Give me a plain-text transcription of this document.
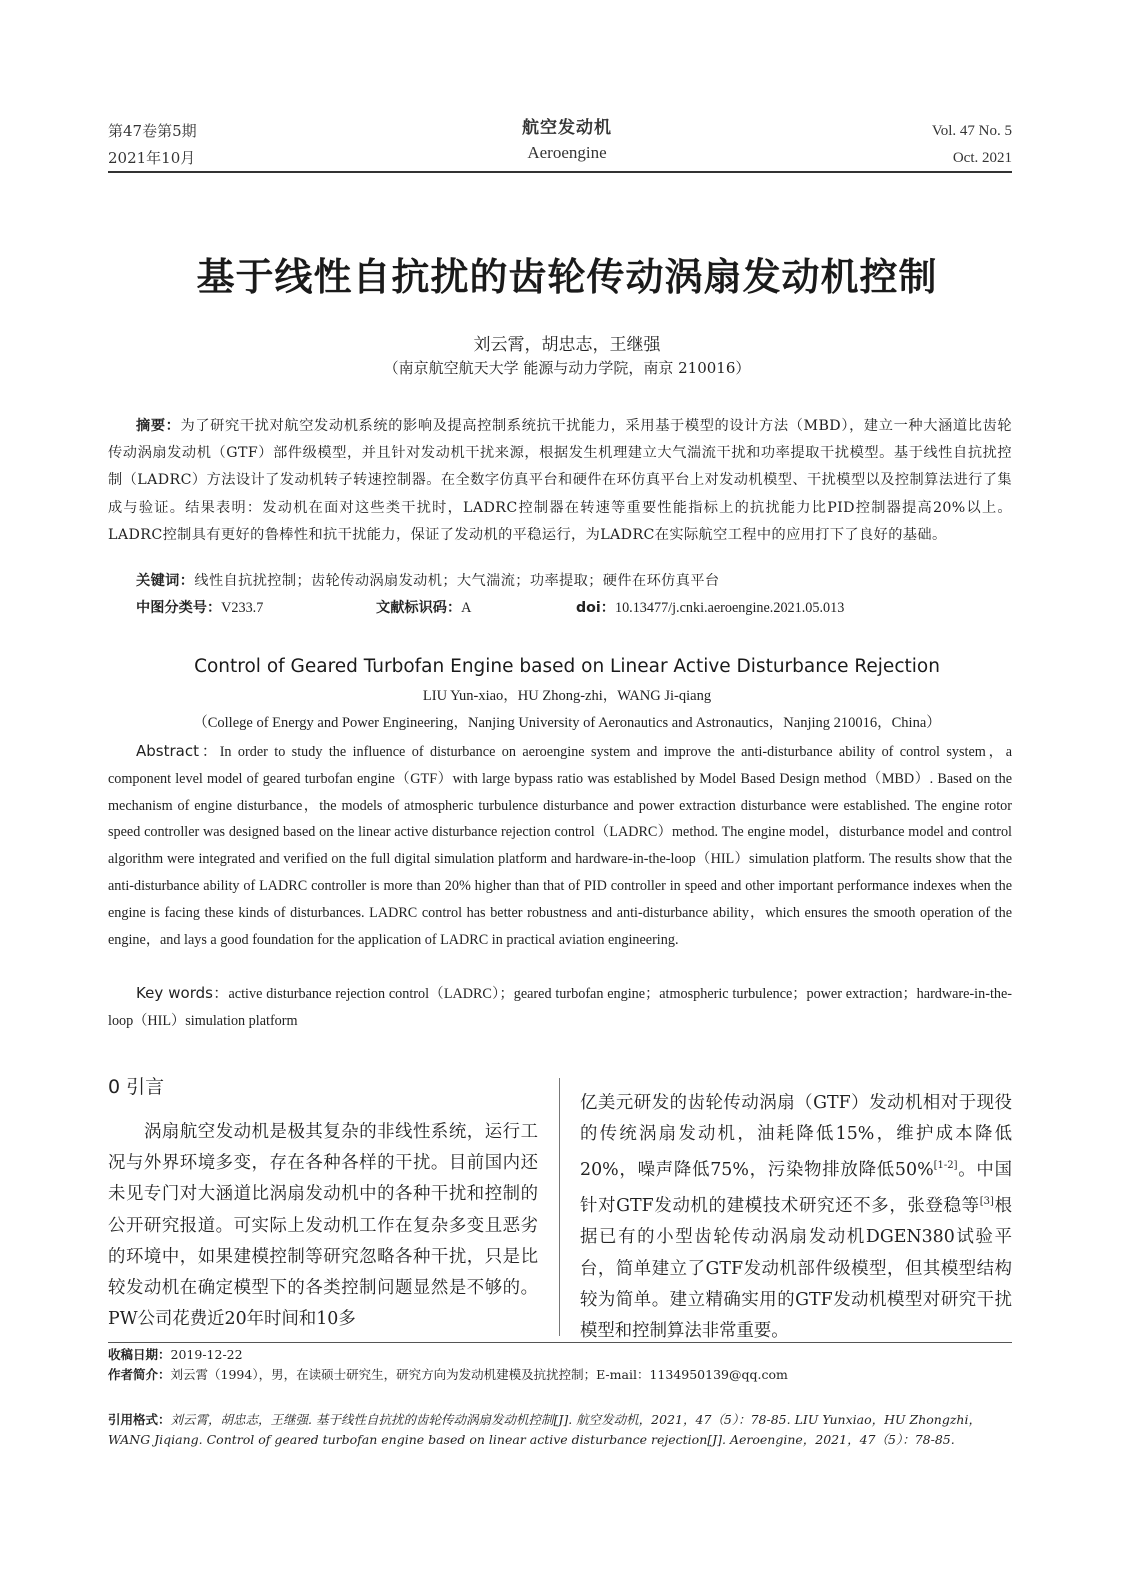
第47卷第5期
2021年10月
航空发动机
Aeroengine
Vol. 47 No. 5
Oct. 2021
基于线性自抗扰的齿轮传动涡扇发动机控制
刘云霄，胡忠志，王继强
（南京航空航天大学 能源与动力学院，南京 210016）
摘要：为了研究干扰对航空发动机系统的影响及提高控制系统抗干扰能力，采用基于模型的设计方法（MBD），建立一种大涵道比齿轮传动涡扇发动机（GTF）部件级模型，并且针对发动机干扰来源，根据发生机理建立大气湍流干扰和功率提取干扰模型。基于线性自抗扰控制（LADRC）方法设计了发动机转子转速控制器。在全数字仿真平台和硬件在环仿真平台上对发动机模型、干扰模型以及控制算法进行了集成与验证。结果表明：发动机在面对这些类干扰时，LADRC控制器在转速等重要性能指标上的抗扰能力比PID控制器提高20%以上。LADRC控制具有更好的鲁棒性和抗干扰能力，保证了发动机的平稳运行，为LADRC在实际航空工程中的应用打下了良好的基础。
关键词：线性自抗扰控制；齿轮传动涡扇发动机；大气湍流；功率提取；硬件在环仿真平台
中图分类号：V233.7	文献标识码：A	doi：10.13477/j.cnki.aeroengine.2021.05.013
Control of Geared Turbofan Engine based on Linear Active Disturbance Rejection
LIU Yun-xiao，HU Zhong-zhi，WANG Ji-qiang
（College of Energy and Power Engineering，Nanjing University of Aeronautics and Astronautics，Nanjing 210016，China）
Abstract：In order to study the influence of disturbance on aeroengine system and improve the anti-disturbance ability of control system，a component level model of geared turbofan engine（GTF）with large bypass ratio was established by Model Based Design method（MBD）. Based on the mechanism of engine disturbance，the models of atmospheric turbulence disturbance and power extraction disturbance were established. The engine rotor speed controller was designed based on the linear active disturbance rejection control（LADRC）method. The engine model，disturbance model and control algorithm were integrated and verified on the full digital simulation platform and hardware-in-the-loop（HIL）simulation platform. The results show that the anti-disturbance ability of LADRC controller is more than 20% higher than that of PID controller in speed and other important performance indexes when the engine is facing these kinds of disturbances. LADRC control has better robustness and anti-disturbance ability，which ensures the smooth operation of the engine，and lays a good foundation for the application of LADRC in practical aviation engineering.
Key words：active disturbance rejection control（LADRC）；geared turbofan engine；atmospheric turbulence；power extraction；hardware-in-the-loop（HIL）simulation platform
0 引言
涡扇航空发动机是极其复杂的非线性系统，运行工况与外界环境多变，存在各种各样的干扰。目前国内还未见专门对大涵道比涡扇发动机中的各种干扰和控制的公开研究报道。可实际上发动机工作在复杂多变且恶劣的环境中，如果建模控制等研究忽略各种干扰，只是比较发动机在确定模型下的各类控制问题显然是不够的。PW公司花费近20年时间和10多
亿美元研发的齿轮传动涡扇（GTF）发动机相对于现役的传统涡扇发动机，油耗降低15%，维护成本降低20%，噪声降低75%，污染物排放降低50%[1-2]。中国针对GTF发动机的建模技术研究还不多，张登稳等[3]根据已有的小型齿轮传动涡扇发动机DGEN380试验平台，简单建立了GTF发动机部件级模型，但其模型结构较为简单。建立精确实用的GTF发动机模型对研究干扰模型和控制算法非常重要。
收稿日期：2019-12-22
作者简介：刘云霄（1994），男，在读硕士研究生，研究方向为发动机建模及抗扰控制；E-mail：1134950139@qq.com
引用格式：刘云霄，胡忠志，王继强. 基于线性自抗扰的齿轮传动涡扇发动机控制[J]. 航空发动机，2021，47（5）：78-85. LIU Yunxiao，HU Zhongzhi，WANG Jiqiang. Control of geared turbofan engine based on linear active disturbance rejection[J]. Aeroengine，2021，47（5）：78-85.
